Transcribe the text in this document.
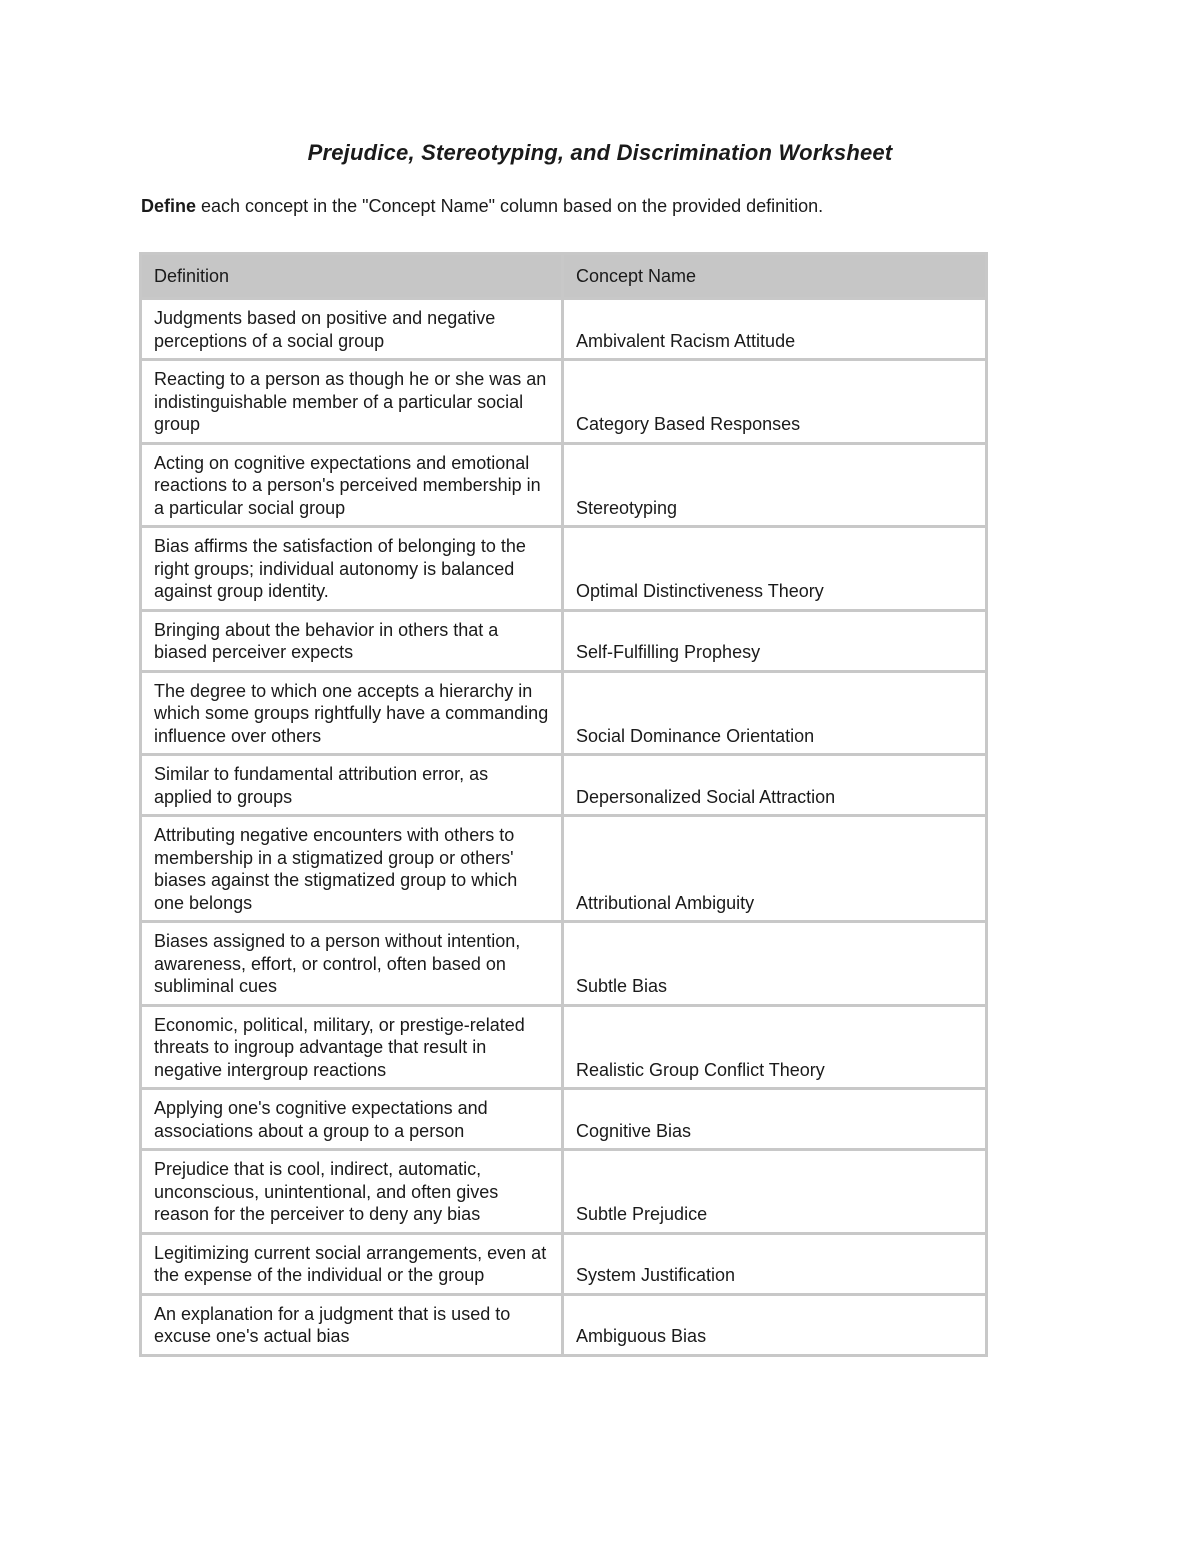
Prejudice, Stereotyping, and Discrimination Worksheet
Define each concept in the "Concept Name" column based on the provided definition.
Definition	Concept Name
Judgments based on positive and negative perceptions of a social group	Ambivalent Racism Attitude
Reacting to a person as though he or she was an indistinguishable member of a particular social group	Category Based Responses
Acting on cognitive expectations and emotional reactions to a person's perceived membership in a particular social group	Stereotyping
Bias affirms the satisfaction of belonging to the right groups; individual autonomy is balanced against group identity.	Optimal Distinctiveness Theory
Bringing about the behavior in others that a biased perceiver expects	Self-Fulfilling Prophesy
The degree to which one accepts a hierarchy in which some groups rightfully have a commanding influence over others	Social Dominance Orientation
Similar to fundamental attribution error, as applied to groups	Depersonalized Social Attraction
Attributing negative encounters with others to membership in a stigmatized group or others' biases against the stigmatized group to which one belongs	Attributional Ambiguity
Biases assigned to a person without intention, awareness, effort, or control, often based on subliminal cues	Subtle Bias
Economic, political, military, or prestige-related threats to ingroup advantage that result in negative intergroup reactions	Realistic Group Conflict Theory
Applying one's cognitive expectations and associations about a group to a person	Cognitive Bias
Prejudice that is cool, indirect, automatic, unconscious, unintentional, and often gives reason for the perceiver to deny any bias	Subtle Prejudice
Legitimizing current social arrangements, even at the expense of the individual or the group	System Justification
An explanation for a judgment that is used to excuse one's actual bias	Ambiguous Bias
